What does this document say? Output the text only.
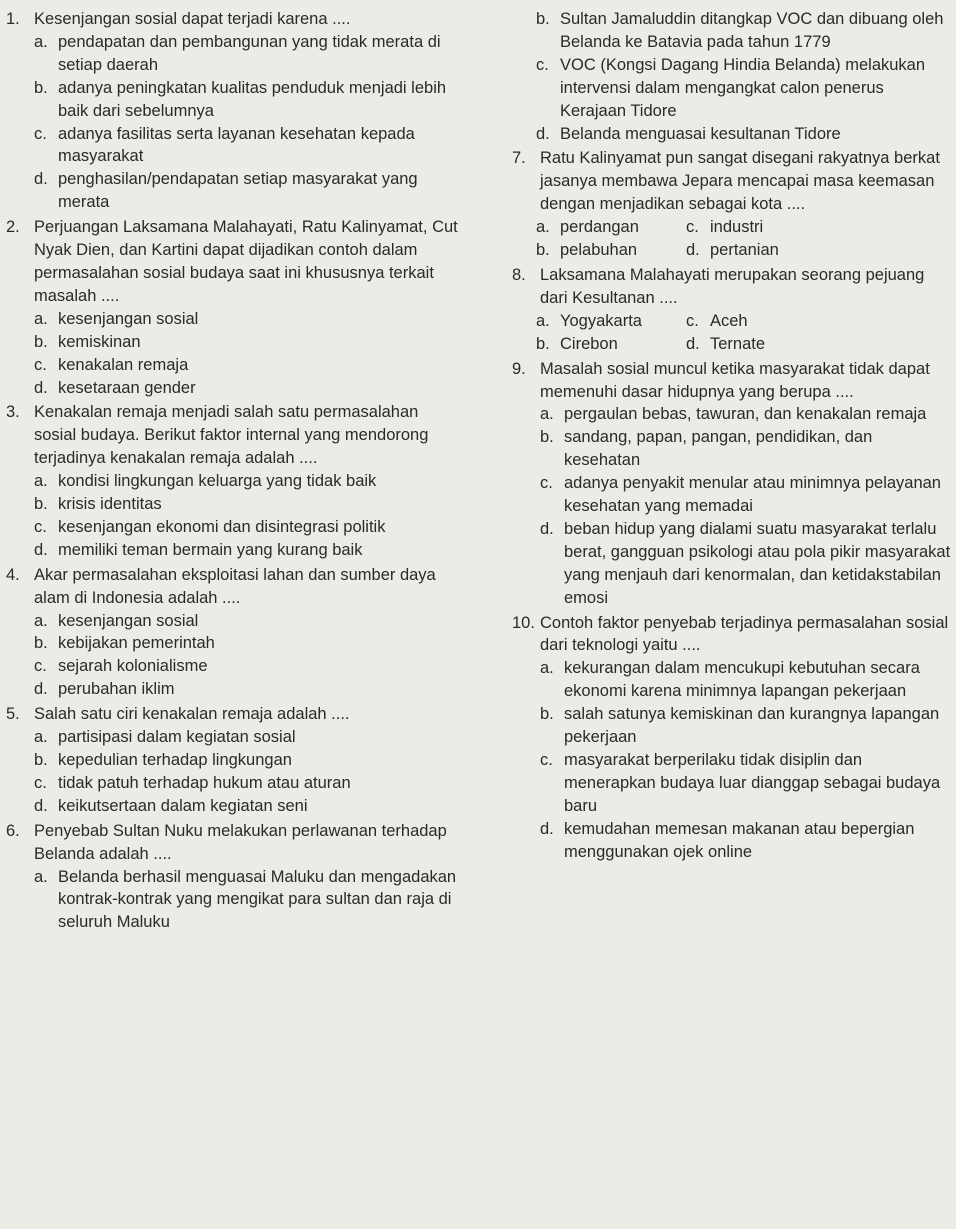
1. Kesenjangan sosial dapat terjadi karena ....
a. pendapatan dan pembangunan yang tidak merata di setiap daerah
b. adanya peningkatan kualitas penduduk menjadi lebih baik dari sebelumnya
c. adanya fasilitas serta layanan kesehatan kepada masyarakat
d. penghasilan/pendapatan setiap masyarakat yang merata
2. Perjuangan Laksamana Malahayati, Ratu Kalinyamat, Cut Nyak Dien, dan Kartini dapat dijadikan contoh dalam permasalahan sosial budaya saat ini khususnya terkait masalah ....
a. kesenjangan sosial
b. kemiskinan
c. kenakalan remaja
d. kesetaraan gender
3. Kenakalan remaja menjadi salah satu permasalahan sosial budaya. Berikut faktor internal yang mendorong terjadinya kenakalan remaja adalah ....
a. kondisi lingkungan keluarga yang tidak baik
b. krisis identitas
c. kesenjangan ekonomi dan disintegrasi politik
d. memiliki teman bermain yang kurang baik
4. Akar permasalahan eksploitasi lahan dan sumber daya alam di Indonesia adalah ....
a. kesenjangan sosial
b. kebijakan pemerintah
c. sejarah kolonialisme
d. perubahan iklim
5. Salah satu ciri kenakalan remaja adalah ....
a. partisipasi dalam kegiatan sosial
b. kepedulian terhadap lingkungan
c. tidak patuh terhadap hukum atau aturan
d. keikutsertaan dalam kegiatan seni
6. Penyebab Sultan Nuku melakukan perlawanan terhadap Belanda adalah ....
a. Belanda berhasil menguasai Maluku dan mengadakan kontrak-kontrak yang mengikat para sultan dan raja di seluruh Maluku
b. Sultan Jamaluddin ditangkap VOC dan dibuang oleh Belanda ke Batavia pada tahun 1779
c. VOC (Kongsi Dagang Hindia Belanda) melakukan intervensi dalam mengangkat calon penerus Kerajaan Tidore
d. Belanda menguasai kesultanan Tidore
7. Ratu Kalinyamat pun sangat disegani rakyatnya berkat jasanya membawa Jepara mencapai masa keemasan dengan menjadikan sebagai kota ....
a. perdangan	c. industri
b. pelabuhan	d. pertanian
8. Laksamana Malahayati merupakan seorang pejuang dari Kesultanan ....
a. Yogyakarta	c. Aceh
b. Cirebon	d. Ternate
9. Masalah sosial muncul ketika masyarakat tidak dapat memenuhi dasar hidupnya yang berupa ....
a. pergaulan bebas, tawuran, dan kenakalan remaja
b. sandang, papan, pangan, pendidikan, dan kesehatan
c. adanya penyakit menular atau minimnya pelayanan kesehatan yang memadai
d. beban hidup yang dialami suatu masyarakat terlalu berat, gangguan psikologi atau pola pikir masyarakat yang menjauh dari kenormalan, dan ketidakstabilan emosi
10. Contoh faktor penyebab terjadinya permasalahan sosial dari teknologi yaitu ....
a. kekurangan dalam mencukupi kebutuhan secara ekonomi karena minimnya lapangan pekerjaan
b. salah satunya kemiskinan dan kurangnya lapangan pekerjaan
c. masyarakat berperilaku tidak disiplin dan menerapkan budaya luar dianggap sebagai budaya baru
d. kemudahan memesan makanan atau bepergian menggunakan ojek online
